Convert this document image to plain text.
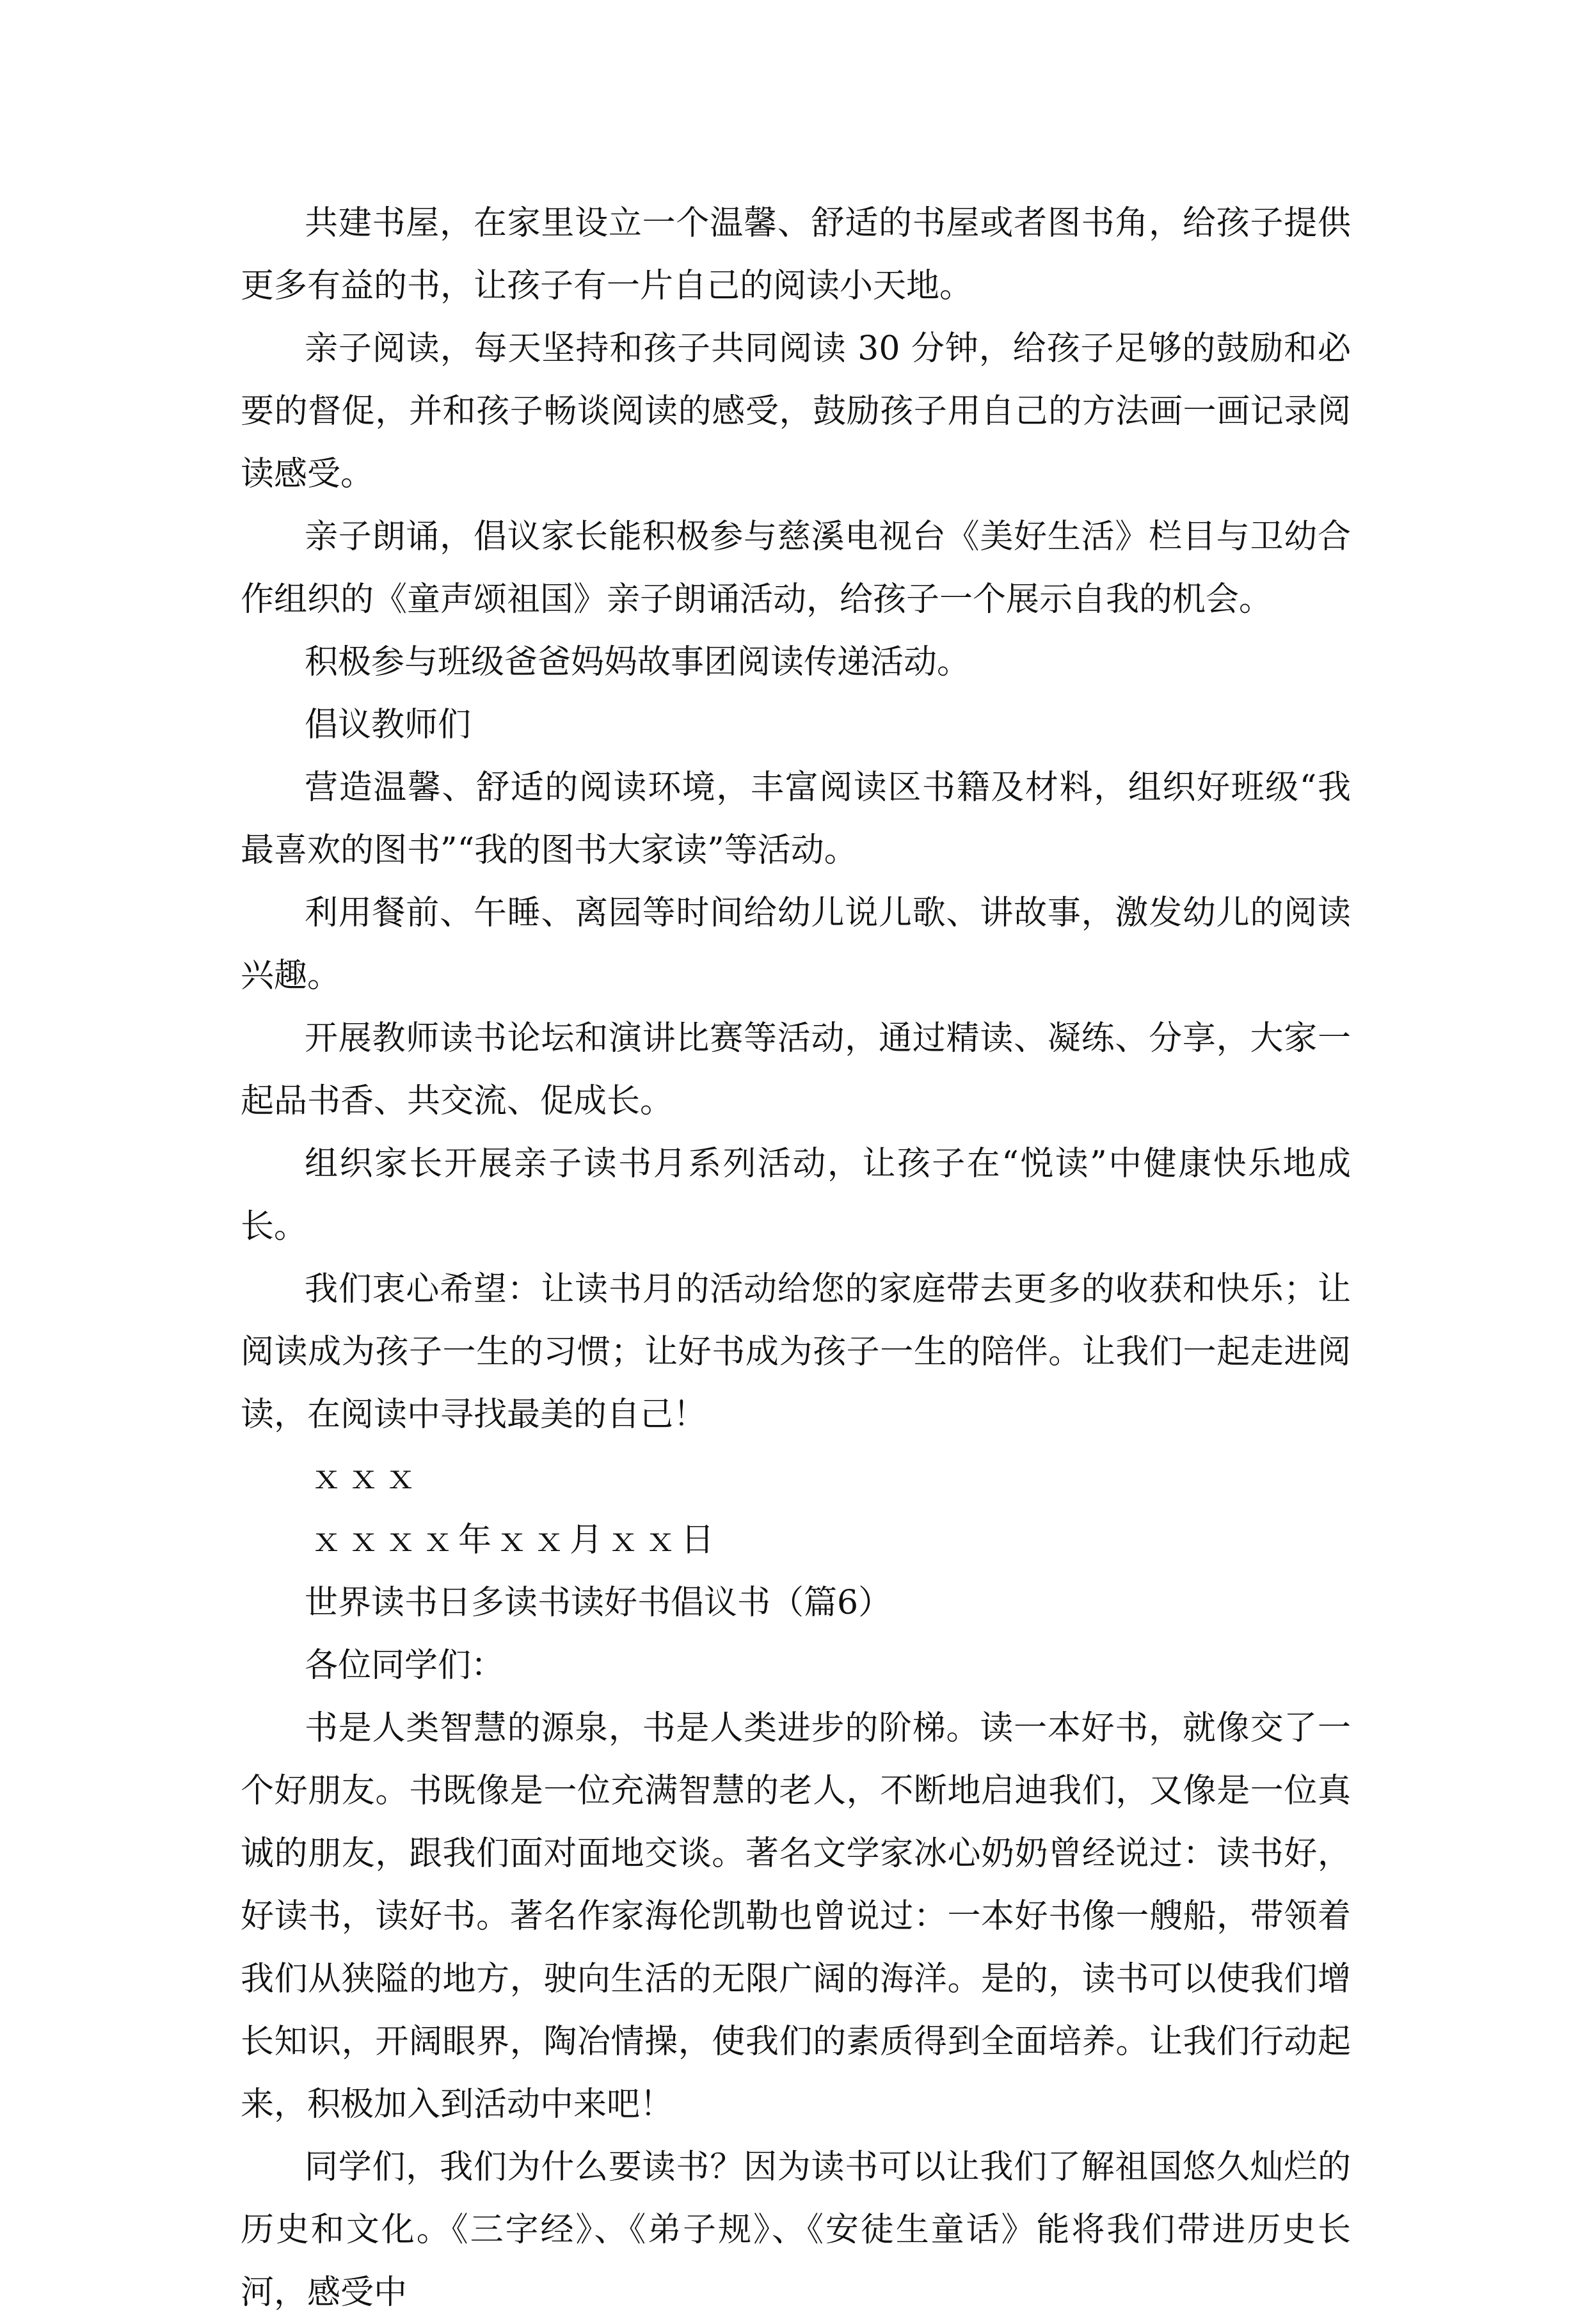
共建书屋，在家里设立一个温馨、舒适的书屋或者图书角，给孩子提供更多有益的书，让孩子有一片自己的阅读小天地。

亲子阅读，每天坚持和孩子共同阅读 30 分钟，给孩子足够的鼓励和必要的督促，并和孩子畅谈阅读的感受，鼓励孩子用自己的方法画一画记录阅读感受。

亲子朗诵，倡议家长能积极参与慈溪电视台《美好生活》栏目与卫幼合作组织的《童声颂祖国》亲子朗诵活动，给孩子一个展示自我的机会。

积极参与班级爸爸妈妈故事团阅读传递活动。

倡议教师们

营造温馨、舒适的阅读环境，丰富阅读区书籍及材料，组织好班级“我最喜欢的图书”“我的图书大家读”等活动。

利用餐前、午睡、离园等时间给幼儿说儿歌、讲故事，激发幼儿的阅读兴趣。

开展教师读书论坛和演讲比赛等活动，通过精读、凝练、分享，大家一起品书香、共交流、促成长。

组织家长开展亲子读书月系列活动，让孩子在“悦读”中健康快乐地成长。

我们衷心希望：让读书月的活动给您的家庭带去更多的收获和快乐；让阅读成为孩子一生的习惯；让好书成为孩子一生的陪伴。让我们一起走进阅读，在阅读中寻找最美的自己！

ｘｘｘ

ｘｘｘｘ年ｘｘ月ｘｘ日

世界读书日多读书读好书倡议书（篇6）

各位同学们：

书是人类智慧的源泉，书是人类进步的阶梯。读一本好书，就像交了一个好朋友。书既像是一位充满智慧的老人，不断地启迪我们，又像是一位真诚的朋友，跟我们面对面地交谈。著名文学家冰心奶奶曾经说过：读书好，好读书，读好书。著名作家海伦凯勒也曾说过：一本好书像一艘船，带领着我们从狭隘的地方，驶向生活的无限广阔的海洋。是的，读书可以使我们增长知识，开阔眼界，陶冶情操，使我们的素质得到全面培养。让我们行动起来，积极加入到活动中来吧！

同学们，我们为什么要读书？因为读书可以让我们了解祖国悠久灿烂的历史和文化。《三字经》、《弟子规》、《安徒生童话》能将我们带进历史长河，感受中
